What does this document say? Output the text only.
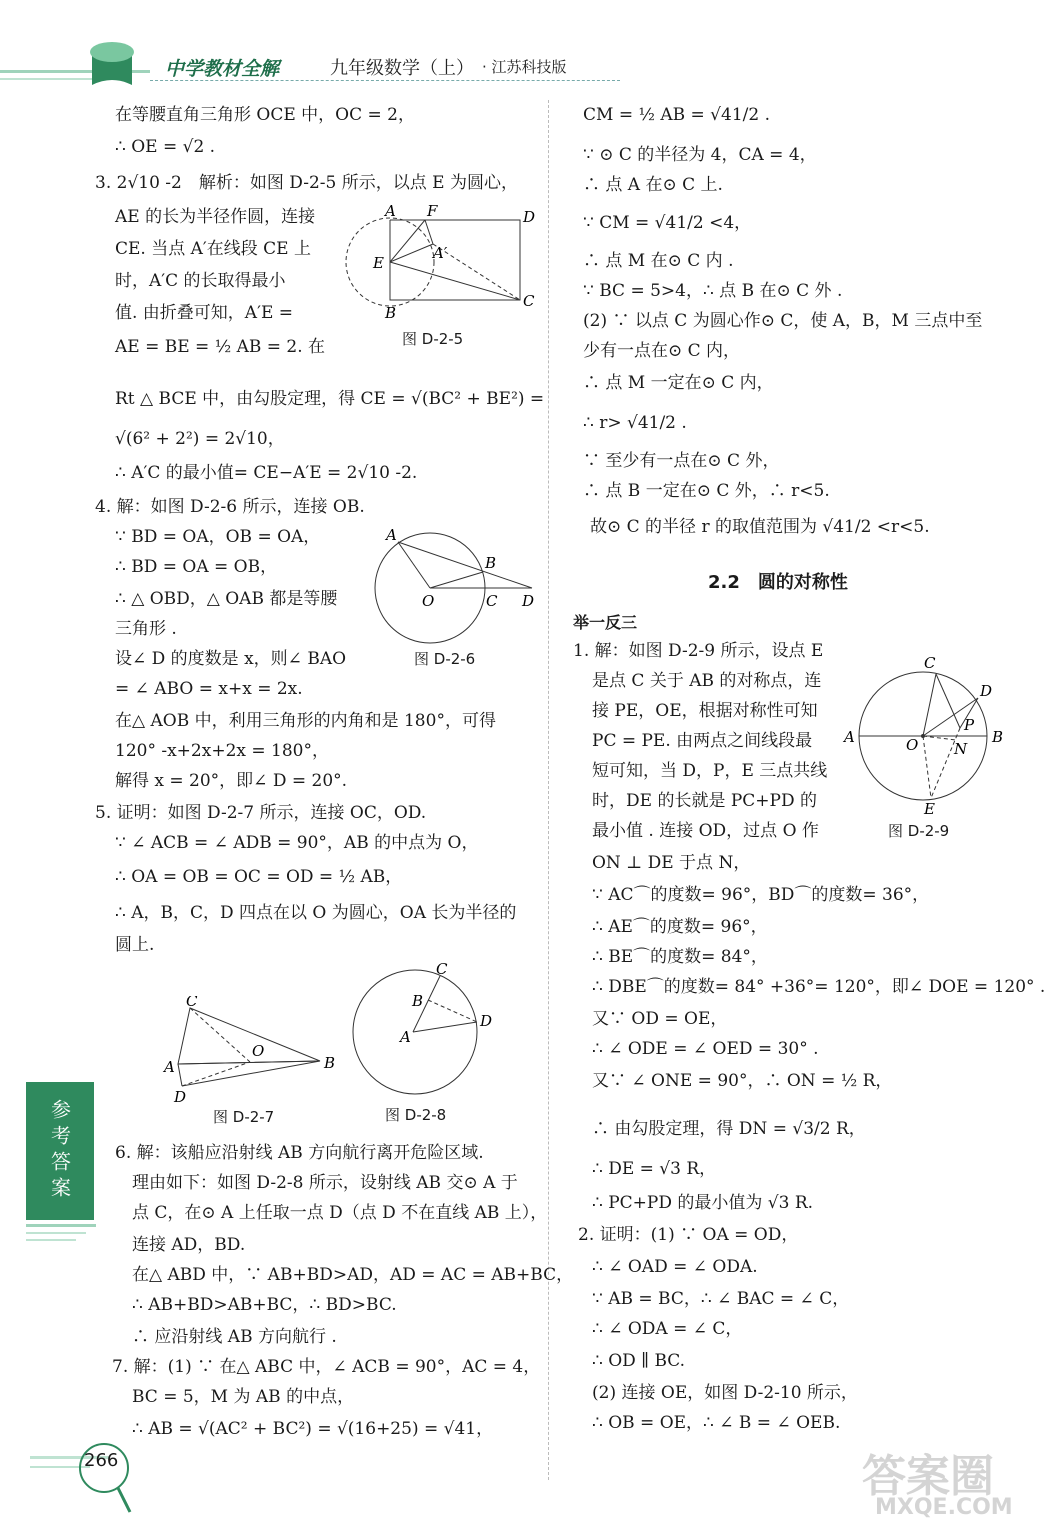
中学教材全解	九年级数学（上） · 江苏科技版
在等腰直角三角形 OCE 中，OC = 2，
∴ OE = √2 .
3. 2√10 -2　解析：如图 D-2-5 所示，以点 E 为圆心，
AE 的长为半径作圆，连接
CE. 当点 A′在线段 CE 上
时，A′C 的长取得最小
值. 由折叠可知，A′E =
AE = BE = ½ AB = 2. 在
Rt △ BCE 中，由勾股定理，得 CE = √(BC² + BE²) =
√(6² + 2²) = 2√10，
∴ A′C 的最小值= CE−A′E = 2√10 -2.
4. 解：如图 D-2-6 所示，连接 OB.
∵ BD = OA，OB = OA，
∴ BD = OA = OB，
∴ △ OBD，△ OAB 都是等腰
三角形 .
设∠ D 的度数是 x，则∠ BAO
= ∠ ABO = x+x = 2x.
在△ AOB 中，利用三角形的内角和是 180°，可得
120° -x+2x+2x = 180°，
解得 x = 20°，即∠ D = 20°.
5. 证明：如图 D-2-7 所示，连接 OC，OD.
∵ ∠ ACB = ∠ ADB = 90°，AB 的中点为 O，
∴ OA = OB = OC = OD = ½ AB，
∴ A，B，C，D 四点在以 O 为圆心，OA 长为半径的
圆上.
6. 解：该船应沿射线 AB 方向航行离开危险区域.
理由如下：如图 D-2-8 所示，设射线 AB 交⊙ A 于
点 C，在⊙ A 上任取一点 D（点 D 不在直线 AB 上），
连接 AD，BD.
在△ ABD 中，∵ AB+BD>AD，AD = AC = AB+BC，
∴ AB+BD>AB+BC，∴ BD>BC.
∴ 应沿射线 AB 方向航行 .
7. 解：(1) ∵ 在△ ABC 中，∠ ACB = 90°，AC = 4，
BC = 5，M 为 AB 的中点，
∴ AB = √(AC² + BC²) = √(16+25) = √41，
A F	D
E
A′
B
C
图 D-2-5
A
B
O	C D
图 D-2-6
C
A
O
B
D
图 D-2-7
C
B
D
A
图 D-2-8
CM = ½ AB = √41/2 .
∵ ⊙ C 的半径为 4，CA = 4，
∴ 点 A 在⊙ C 上.
∵ CM = √41/2 <4，
∴ 点 M 在⊙ C 内 .
∵ BC = 5>4，∴ 点 B 在⊙ C 外 .
(2) ∵ 以点 C 为圆心作⊙ C，使 A，B，M 三点中至
少有一点在⊙ C 内，
∴ 点 M 一定在⊙ C 内，
∴ r> √41/2 .
∵ 至少有一点在⊙ C 外，
∴ 点 B 一定在⊙ C 外，∴ r<5.
故⊙ C 的半径 r 的取值范围为 √41/2 <r<5.
2.2　圆的对称性
举一反三
1. 解：如图 D-2-9 所示，设点 E
是点 C 关于 AB 的对称点，连
接 PE，OE，根据对称性可知
PC = PE. 由两点之间线段最
短可知，当 D，P，E 三点共线
时，DE 的长就是 PC+PD 的
最小值 . 连接 OD，过点 O 作
ON ⊥ DE 于点 N，
∵ AC⌒的度数= 96°，BD⌒的度数= 36°，
∴ AE⌒的度数= 96°，
∴ BE⌒的度数= 84°，
∴ DBE⌒的度数= 84° +36°= 120°，即∠ DOE = 120° .
又∵ OD = OE，
∴ ∠ ODE = ∠ OED = 30° .
又∵ ∠ ONE = 90°，∴ ON = ½ R，
∴ 由勾股定理，得 DN = √3/2 R，
∴ DE = √3 R，
∴ PC+PD 的最小值为 √3 R.
2. 证明：(1) ∵ OA = OD，
∴ ∠ OAD = ∠ ODA.
∵ AB = BC，∴ ∠ BAC = ∠ C，
∴ ∠ ODA = ∠ C，
∴ OD ∥ BC.
(2) 连接 OE，如图 D-2-10 所示，
∴ OB = OE，∴ ∠ B = ∠ OEB.
C
D
P
A	O N
B
E
图 D-2-9
参考答案
266	答案圈
MXQE.COM
